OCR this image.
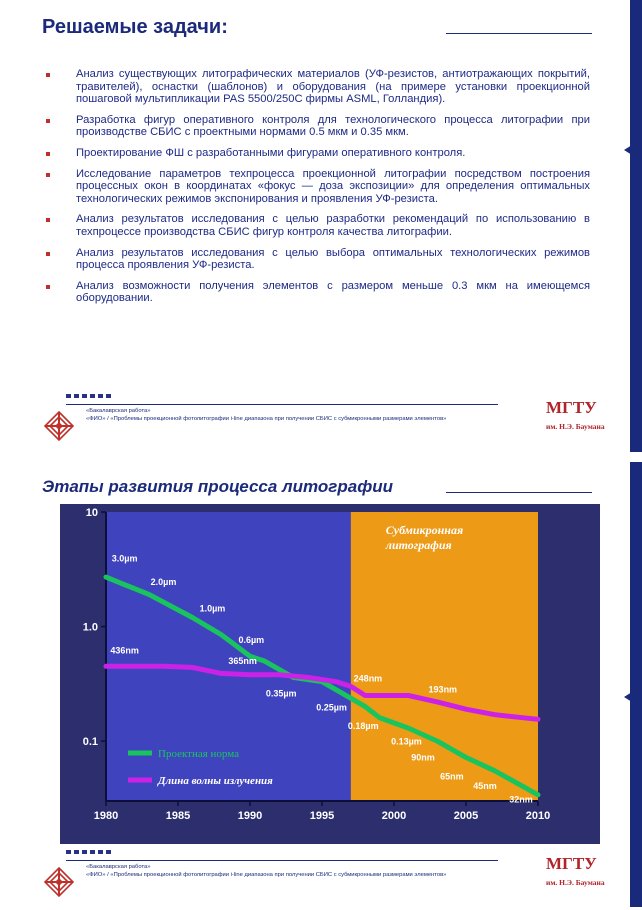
Решаемые задачи:
Анализ существующих литографических материалов (УФ-резистов, антиотражающих покрытий, травителей), оснастки (шаблонов) и оборудования (на примере установки проекционной пошаговой мультипликации PAS 5500/250C фирмы ASML, Голландия).
Разработка фигур оперативного контроля для технологического процесса литографии при производстве СБИС с проектными нормами 0.5 мкм и 0.35 мкм.
Проектирование ФШ с разработанными фигурами оперативного контроля.
Исследование параметров техпроцесса проекционной литографии посредством построения процессных окон в координатах «фокус — доза экспозиции» для определения оптимальных технологических режимов экспонирования и проявления УФ-резиста.
Анализ результатов исследования с целью разработки рекомендаций по использованию в техпроцессе производства СБИС фигур контроля качества литографии.
Анализ результатов исследования с целью выбора оптимальных технологических режимов процесса проявления УФ-резиста.
Анализ возможности получения элементов с размером меньше 0.3 мкм на имеющемся оборудовании.
«Бакалаврская работа»
«ФИО» / «Проблемы проекционной фотолитографии i-line диапазона при получении СБИС с субмикронными размерами элементов»
МГТУ
им. Н.Э. Баумана
Этапы развития процесса литографии
Субмикронная
литография
1980	1985	1990	1995	2000	2005	2010
10
1.0
0.1
3.0µm
2.0µm
1.0µm
0.6µm
436nm
365nm
0.35µm
0.25µm
248nm
193nm
0.18µm
0.13µm
90nm
65nm
45nm
32nm
Проектная норма
Длина волны излучения
«Бакалаврская работа»
«ФИО» / «Проблемы проекционной фотолитографии i-line диапазона при получении СБИС с субмикронными размерами элементов»
МГТУ
им. Н.Э. Баумана
